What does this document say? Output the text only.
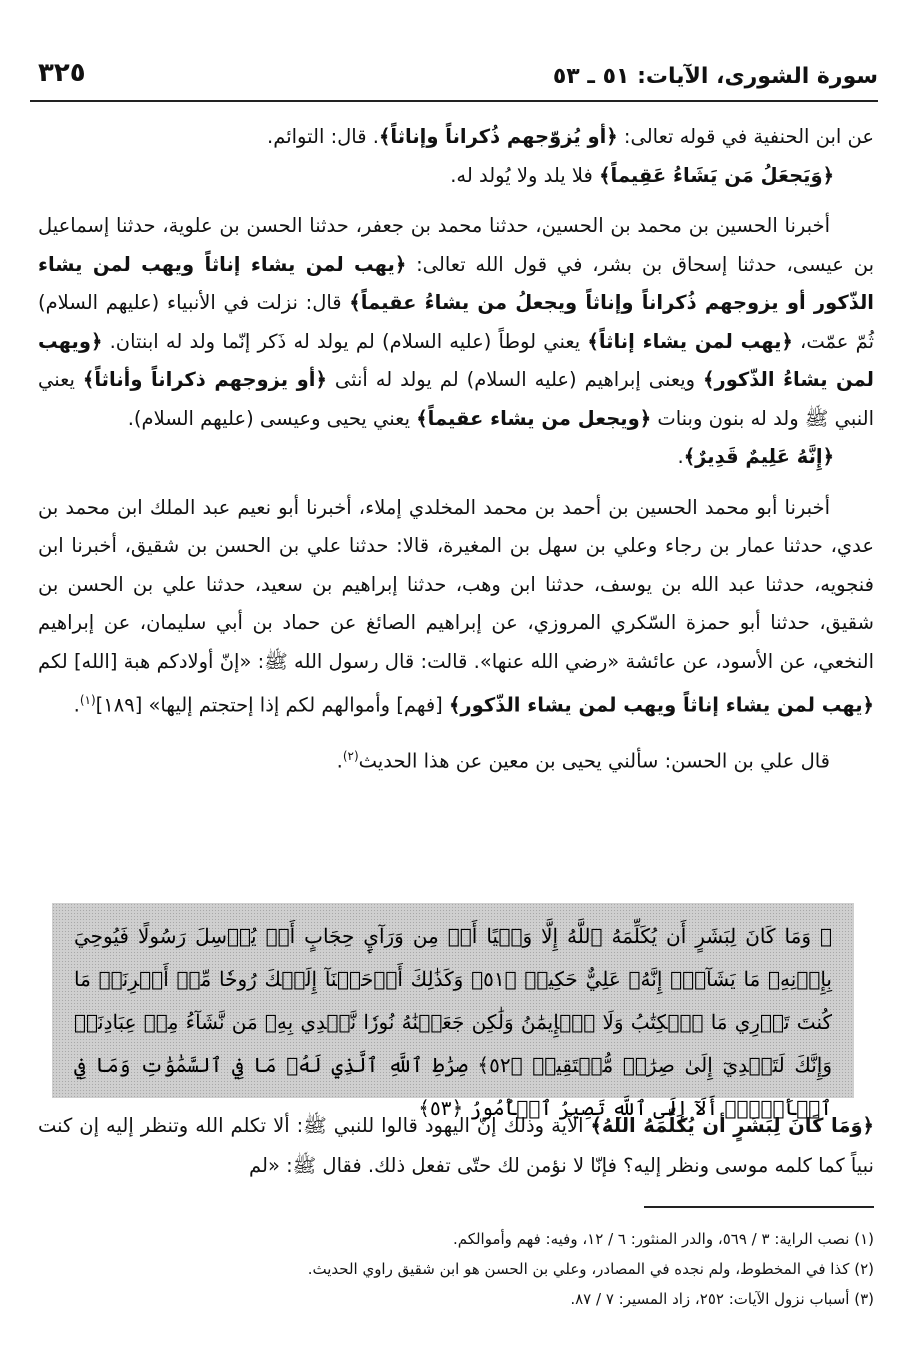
سورة الشورى، الآيات: ٥١ ـ ٥٣
٣٢٥

عن ابن الحنفية في قوله تعالى: ﴿أو يُزوّجهم ذُكراناً وإناثاً﴾. قال: التوائم.

﴿وَيَجعَلُ مَن يَشَاءُ عَقِيماً﴾ فلا يلد ولا يُولد له.

أخبرنا الحسين بن محمد بن الحسين، حدثنا محمد بن جعفر، حدثنا الحسن بن علوية، حدثنا إسماعيل بن عيسى، حدثنا إسحاق بن بشر، في قول الله تعالى: ﴿يهب لمن يشاء إناثاً ويهب لمن يشاء الذّكور أو يزوجهم ذُكراناً وإناثاً ويجعلُ من يشاءُ عقيماً﴾ قال: نزلت في الأنبياء (عليهم السلام) ثُمّ عمّت، ﴿يهب لمن يشاء إناثاً﴾ يعني لوطاً (عليه السلام) لم يولد له ذَكر إنّما ولد له ابنتان. ﴿ويهب لمن يشاءُ الذّكور﴾ ويعنى إبراهيم (عليه السلام) لم يولد له أنثى ﴿أو يزوجهم ذكراناً وأناثاً﴾ يعني النبي ﷺ ولد له بنون وبنات ﴿ويجعل من يشاء عقيماً﴾ يعني يحيى وعيسى (عليهم السلام).

﴿إِنَّهُ عَلِيمٌ قَدِيرٌ﴾.

أخبرنا أبو محمد الحسين بن أحمد بن محمد المخلدي إملاء، أخبرنا أبو نعيم عبد الملك ابن محمد بن عدي، حدثنا عمار بن رجاء وعلي بن سهل بن المغيرة، قالا: حدثنا علي بن الحسن بن شقيق، أخبرنا ابن فنجويه، حدثنا عبد الله بن يوسف، حدثنا ابن وهب، حدثنا إبراهيم بن سعيد، حدثنا علي بن الحسن بن شقيق، حدثنا أبو حمزة السّكري المروزي، عن إبراهيم الصائغ عن حماد بن أبي سليمان، عن إبراهيم النخعي، عن الأسود، عن عائشة «رضي الله عنها». قالت: قال رسول الله ﷺ: «إنّ أولادكم هبة [الله] لكم ﴿يهب لمن يشاء إناثاً ويهب لمن يشاء الذّكور﴾ [فهم] وأموالهم لكم إذا إحتجتم إليها» [١٨٩]$^{(١)}$.

قال علي بن الحسن: سألني يحيى بن معين عن هذا الحديث$^{(٢)}$.

۞ وَمَا كَانَ لِبَشَرٍ أَن يُكَلِّمَهُ ٱللَّهُ إِلَّا وَحۡيًا أَوۡ مِن وَرَآيِٕ حِجَابٍ أَوۡ يُرۡسِلَ رَسُولًا فَيُوحِيَ بِإِذۡنِهِۦ مَا يَشَآءُۚ إِنَّهُۥ عَلِيٌّ حَكِيمٞ ﴿٥١﴾ وَكَذَٰلِكَ أَوۡحَيۡنَآ إِلَيۡكَ رُوحٗا مِّنۡ أَمۡرِنَاۚ مَا كُنتَ تَدۡرِي مَا ٱلۡكِتَٰبُ وَلَا ٱلۡإِيمَٰنُ وَلَٰكِن جَعَلۡنَٰهُ نُورٗا نَّهۡدِي بِهِۦ مَن نَّشَآءُ مِنۡ عِبَادِنَاۚ وَإِنَّكَ لَتَهۡدِيٓ إِلَىٰ صِرَٰطٖ مُّسۡتَقِيمٖ ﴿٥٢﴾ صِرَٰطِ ٱللَّهِ ٱلَّذِي لَهُۥ مَا فِي ٱلسَّمَٰوَٰتِ وَمَا فِي ٱلۡأَرۡضِۗ أَلَآ إِلَى ٱللَّهِ تَصِيرُ ٱلۡأُمُورُ ﴿٥٣﴾

﴿وَمَا كَانَ لِبَشَرٍ أن يُكَلِّمَهُ اللهُ﴾ الآية وذلك إنّ اليهود قالوا للنبي ﷺ: ألا تكلم الله وتنظر إليه إن كنت نبياً كما كلمه موسى ونظر إليه؟ فإنّا لا نؤمن لك حتّى تفعل ذلك. فقال ﷺ: «لم

(١) نصب الراية: ٣ / ٥٦٩، والدر المنثور: ٦ / ١٢، وفيه: فهم وأموالكم.
(٢) كذا في المخطوط، ولم نجده في المصادر، وعلي بن الحسن هو ابن شقيق راوي الحديث.
(٣) أسباب نزول الآيات: ٢٥٢، زاد المسير: ٧ / ٨٧.
